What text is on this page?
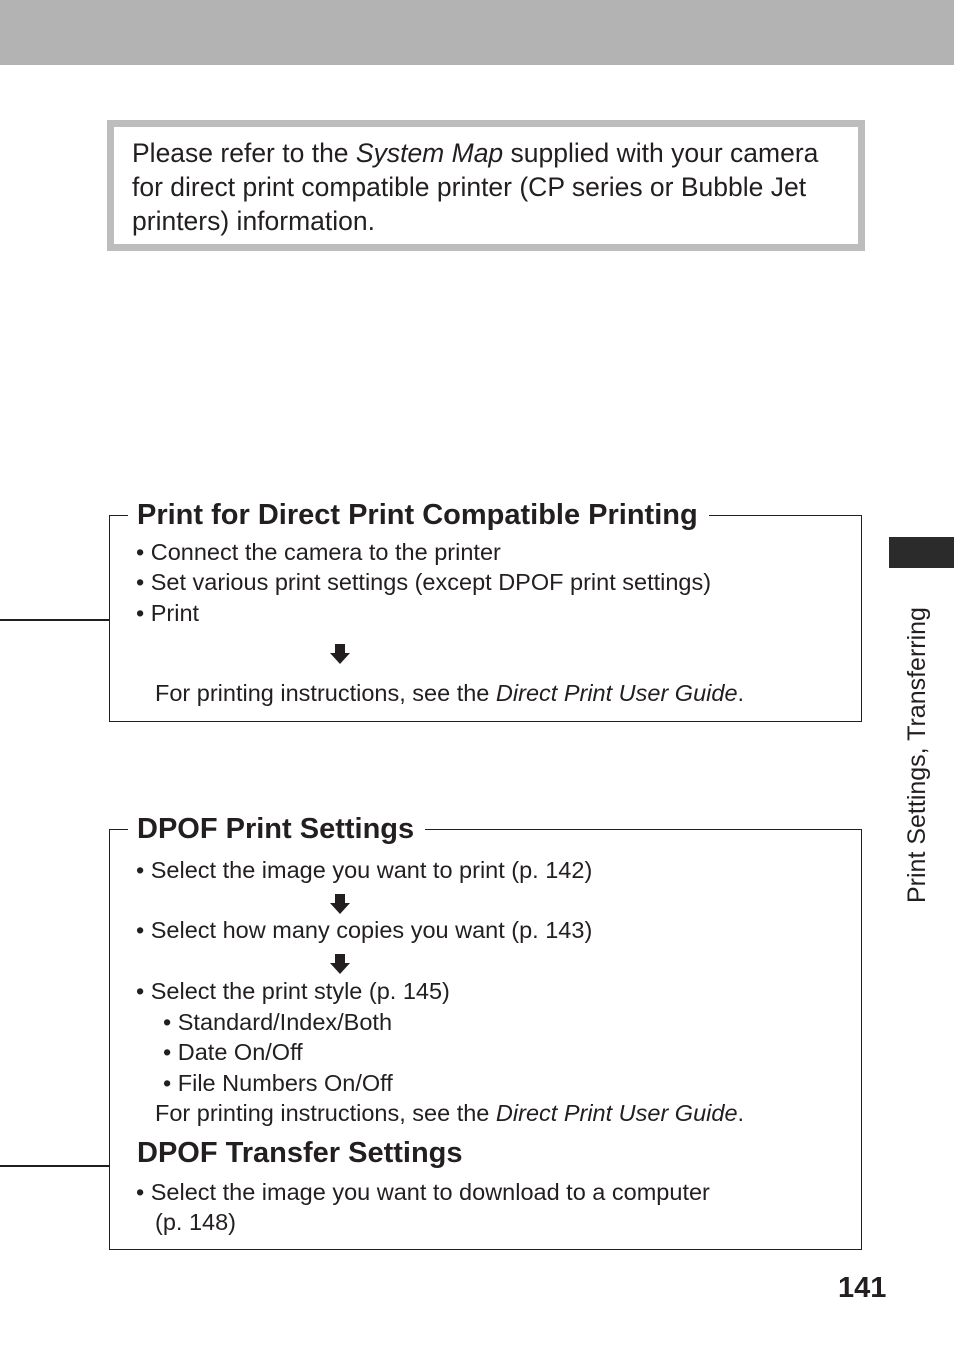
Please refer to the System Map supplied with your camera for direct print compatible printer (CP series or Bubble Jet printers) information.
Print for Direct Print Compatible Printing
• Connect the camera to the printer
• Set various print settings (except DPOF print settings)
• Print
For printing instructions, see the Direct Print User Guide.
DPOF Print Settings
• Select the image you want to print (p. 142)
• Select how many copies you want (p. 143)
• Select the print style (p. 145)
• Standard/Index/Both
• Date On/Off
• File Numbers On/Off
For printing instructions, see the Direct Print User Guide.
DPOF Transfer Settings
• Select the image you want to download to a computer
(p. 148)
Print Settings, Transferring
141
